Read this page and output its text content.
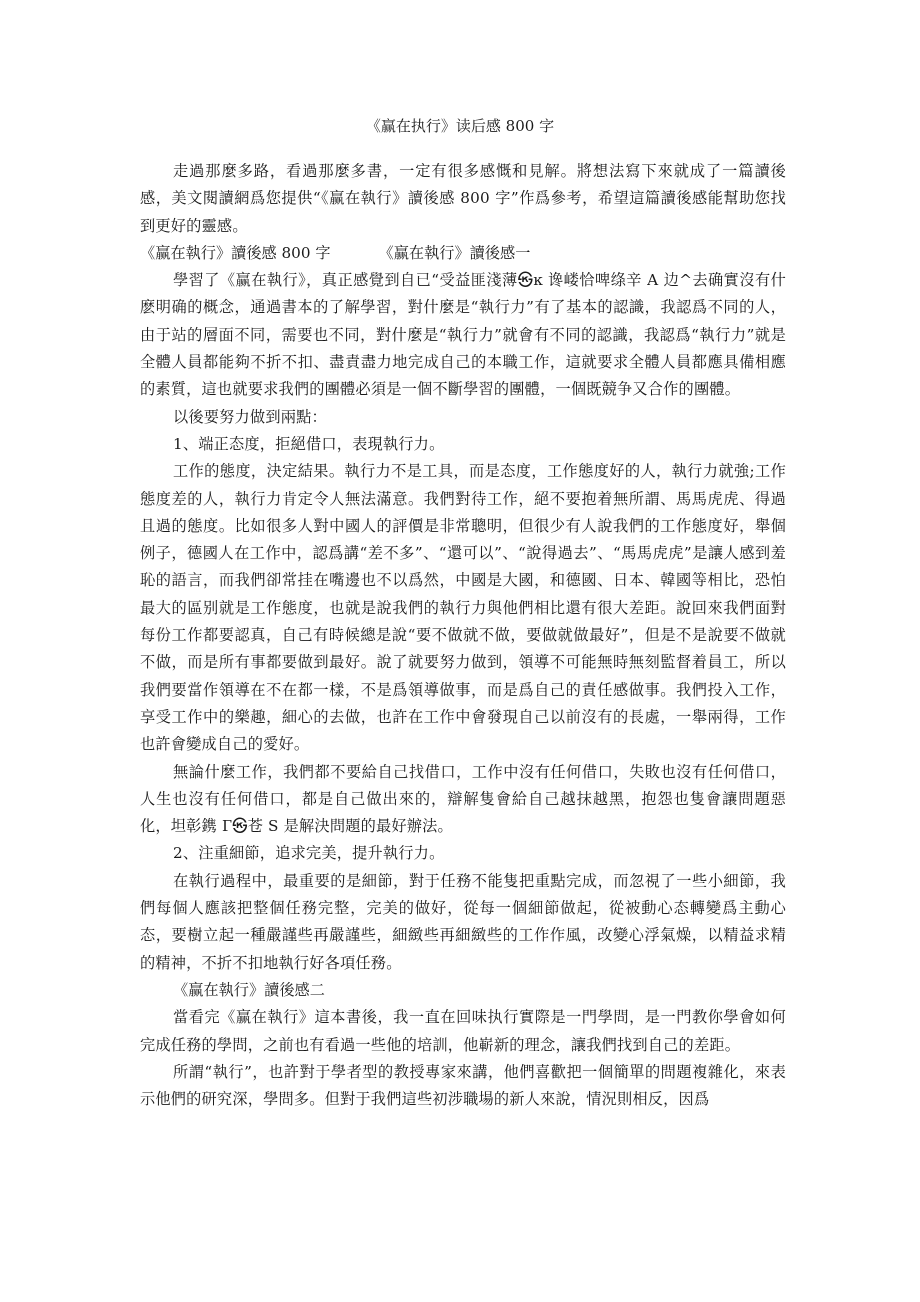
《赢在执行》读后感 800 字

走過那麼多路，看過那麼多書，一定有很多感慨和見解。將想法寫下來就成了一篇讀後感，美文閱讀網爲您提供“《赢在執行》讀後感 800 字”作爲參考，希望這篇讀後感能幫助您找到更好的靈感。

《赢在執行》讀後感 800 字	《赢在執行》讀後感一

學習了《赢在執行》，真正感覺到自已“受益匪淺薄㉿ĸ 谗嵝恰啤绦辛 A 边^去确實沒有什麽明确的概念，通過書本的了解學習，對什麼是“執行力”有了基本的認識，我認爲不同的人，由于站的層面不同，需要也不同，對什麼是“執行力”就會有不同的認識，我認爲“執行力”就是全體人員都能夠不折不扣、盡責盡力地完成自己的本職工作，這就要求全體人員都應具備相應的素質，這也就要求我們的團體必須是一個不斷學習的團體，一個既競争又合作的團體。

以後要努力做到兩點：

1、端正态度，拒絕借口，表現執行力。

工作的態度，決定結果。執行力不是工具，而是态度，工作態度好的人，執行力就強;工作態度差的人，執行力肯定令人無法滿意。我們對待工作，絕不要抱着無所謂、馬馬虎虎、得過且過的態度。比如很多人對中國人的評價是非常聰明，但很少有人說我們的工作態度好，舉個例子，德國人在工作中，認爲講“差不多”、“還可以”、“說得過去”、“馬馬虎虎”是讓人感到羞恥的語言，而我們卻常挂在嘴邊也不以爲然，中國是大國，和德國、日本、韓國等相比，恐怕最大的區别就是工作態度，也就是說我們的執行力與他們相比還有很大差距。說回來我們面對每份工作都要認真，自己有時候總是說“要不做就不做，要做就做最好”，但是不是說要不做就不做，而是所有事都要做到最好。說了就要努力做到，領導不可能無時無刻監督着員工，所以我們要當作領導在不在都一樣，不是爲領導做事，而是爲自己的責任感做事。我們投入工作，享受工作中的樂趣，細心的去做，也許在工作中會發現自己以前沒有的長處，一舉兩得，工作也許會變成自己的愛好。

無論什麼工作，我們都不要給自己找借口，工作中沒有任何借口，失敗也沒有任何借口，人生也沒有任何借口，都是自己做出來的，辯解隻會給自己越抹越黑，抱怨也隻會讓問題惡化，坦彰鎸 Г㉿苍 S 是解決問題的最好辦法。

2、注重細節，追求完美，提升執行力。

在執行過程中，最重要的是細節，對于任務不能隻把重點完成，而忽視了一些小細節，我們每個人應該把整個任務完整，完美的做好，從每一個細節做起，從被動心态轉變爲主動心态，要樹立起一種嚴謹些再嚴謹些，細緻些再細緻些的工作作風，改變心浮氣燥，以精益求精的精神，不折不扣地執行好各項任務。

《赢在執行》讀後感二

當看完《赢在執行》這本書後，我一直在回味执行實際是一門學問，是一門教你學會如何完成任務的學問，之前也有看過一些他的培訓，他嶄新的理念，讓我們找到自己的差距。

所謂“執行”，也許對于學者型的教授專家來講，他們喜歡把一個簡單的問題複雜化，來表示他們的研究深，學問多。但對于我們這些初涉職場的新人來說，情況則相反，因爲
